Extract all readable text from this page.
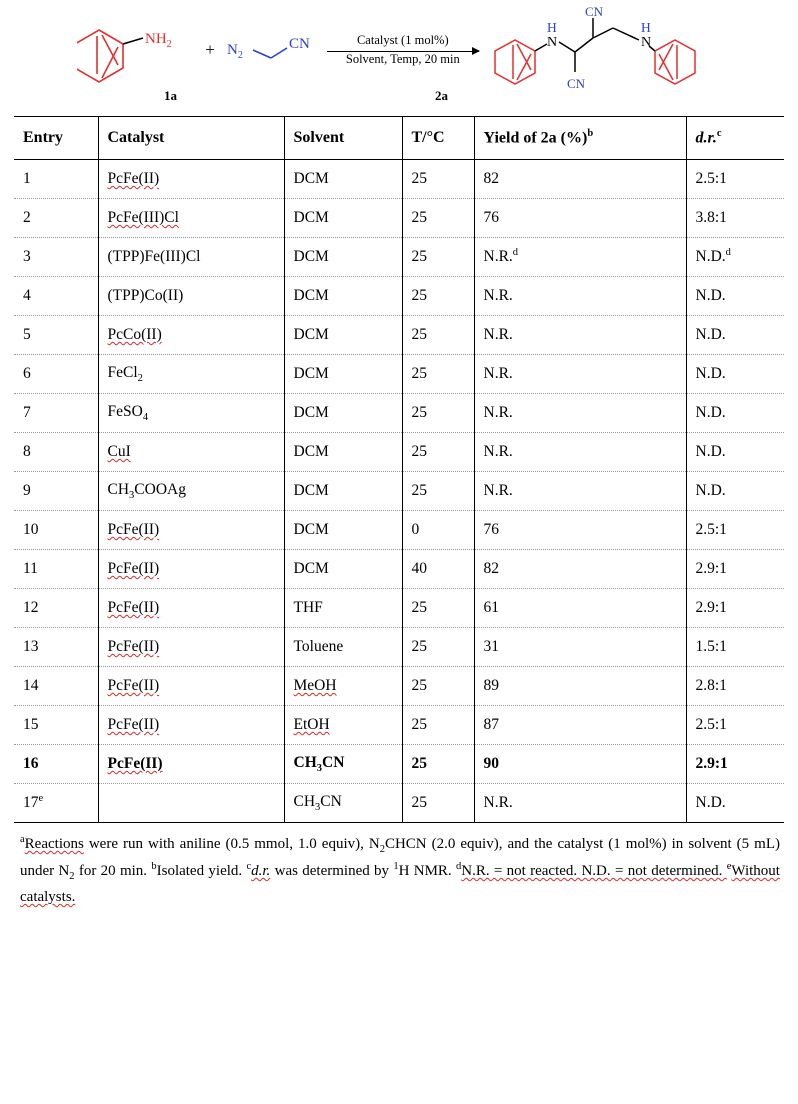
$NH_2 + N_2$
CN	Catalyst (1 mol%)
Solvent, Temp, 20 min
H
N
H
N
CN
CN
1a	2a
Entry	Catalyst	Solvent	T/°C	Yield of 2a (%)$^b$	d.r.$^c$
1	PcFe(II)	DCM	25	82	2.5:1
2	PcFe(III)Cl	DCM	25	76	3.8:1
3	(TPP)Fe(III)Cl	DCM	25	N.R.$^d$	N.D.$^d$
4	(TPP)Co(II)	DCM	25	N.R.	N.D.
5	PcCo(II)	DCM	25	N.R.	N.D.
6	FeCl$_2$	DCM	25	N.R.	N.D.
7	FeSO$_4$	DCM	25	N.R.	N.D.
8	CuI	DCM	25	N.R.	N.D.
9	$CH_3COOAg$	DCM	25	N.R.	N.D.
10	PcFe(II)	DCM	0	76	2.5:1
11	PcFe(II)	DCM	40	82	2.9:1
12	PcFe(II)	THF	25	61	2.9:1
13	PcFe(II)	Toluene	25	31	1.5:1
14	PcFe(II)	MeOH	25	89	2.8:1
15	PcFe(II)	EtOH	25	87	2.5:1
16	PcFe(II)	$CH_3CN$	25	90	2.9:1
17e		$CH_3CN$	25	N.R.	N.D.
$^a$Reactions were run with aniline (0.5 mmol, 1.0 equiv), $N_2CHCN$ (2.0 equiv), and the catalyst (1 mol%) in solvent (5 mL) under $N_2$ for 20 min. $^b$Isolated yield. $^c$d.r. was determined by $^1$H NMR. $^d$N.R. = not reacted. N.D. = not determined. $^e$Without catalysts.
